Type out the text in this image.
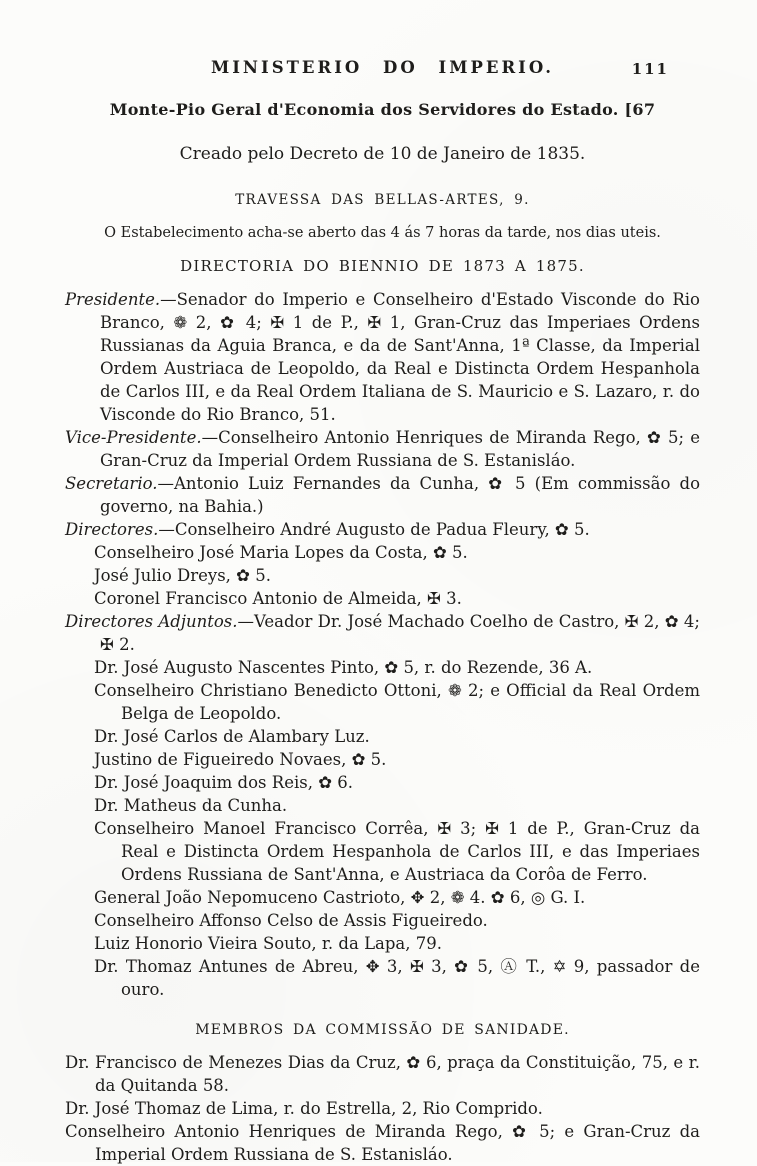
MINISTERIO DO IMPERIO.	111
Monte-Pio Geral d'Economia dos Servidores do Estado. [67
Creado pelo Decreto de 10 de Janeiro de 1835.
TRAVESSA DAS BELLAS-ARTES, 9.
O Estabelecimento acha-se aberto das 4 ás 7 horas da tarde, nos dias uteis.
DIRECTORIA DO BIENNIO DE 1873 A 1875.
Presidente.—Senador do Imperio e Conselheiro d'Estado Visconde do Rio Branco, ❁ 2, ✿ 4; ✠ 1 de P., ✠ 1, Gran-Cruz das Imperiaes Ordens Russianas da Aguia Branca, e da de Sant'Anna, 1ª Classe, da Imperial Ordem Austriaca de Leopoldo, da Real e Distincta Ordem Hespanhola de Carlos III, e da Real Ordem Italiana de S. Mauricio e S. Lazaro, r. do Visconde do Rio Branco, 51.
Vice-Presidente.—Conselheiro Antonio Henriques de Miranda Rego, ✿ 5; e Gran-Cruz da Imperial Ordem Russiana de S. Estanisláo.
Secretario.—Antonio Luiz Fernandes da Cunha, ✿ 5 (Em commissão do governo, na Bahia.)
Directores.—Conselheiro André Augusto de Padua Fleury, ✿ 5.
Conselheiro José Maria Lopes da Costa, ✿ 5.
José Julio Dreys, ✿ 5.
Coronel Francisco Antonio de Almeida, ✠ 3.
Directores Adjuntos.—Veador Dr. José Machado Coelho de Castro, ✠ 2, ✿ 4; ✠ 2.
Dr. José Augusto Nascentes Pinto, ✿ 5, r. do Rezende, 36 A.
Conselheiro Christiano Benedicto Ottoni, ❁ 2; e Official da Real Ordem Belga de Leopoldo.
Dr. José Carlos de Alambary Luz.
Justino de Figueiredo Novaes, ✿ 5.
Dr. José Joaquim dos Reis, ✿ 6.
Dr. Matheus da Cunha.
Conselheiro Manoel Francisco Corrêa, ✠ 3; ✠ 1 de P., Gran-Cruz da Real e Distincta Ordem Hespanhola de Carlos III, e das Imperiaes Ordens Russiana de Sant'Anna, e Austriaca da Corôa de Ferro.
General João Nepomuceno Castrioto, ✥ 2, ❁ 4. ✿ 6, ◎ G. I.
Conselheiro Affonso Celso de Assis Figueiredo.
Luiz Honorio Vieira Souto, r. da Lapa, 79.
Dr. Thomaz Antunes de Abreu, ✥ 3, ✠ 3, ✿ 5, Ⓐ T., ✡ 9, passador de ouro.
MEMBROS DA COMMISSÃO DE SANIDADE.
Dr. Francisco de Menezes Dias da Cruz, ✿ 6, praça da Constituição, 75, e r. da Quitanda 58.
Dr. José Thomaz de Lima, r. do Estrella, 2, Rio Comprido.
Conselheiro Antonio Henriques de Miranda Rego, ✿ 5; e Gran-Cruz da Imperial Ordem Russiana de S. Estanisláo.
